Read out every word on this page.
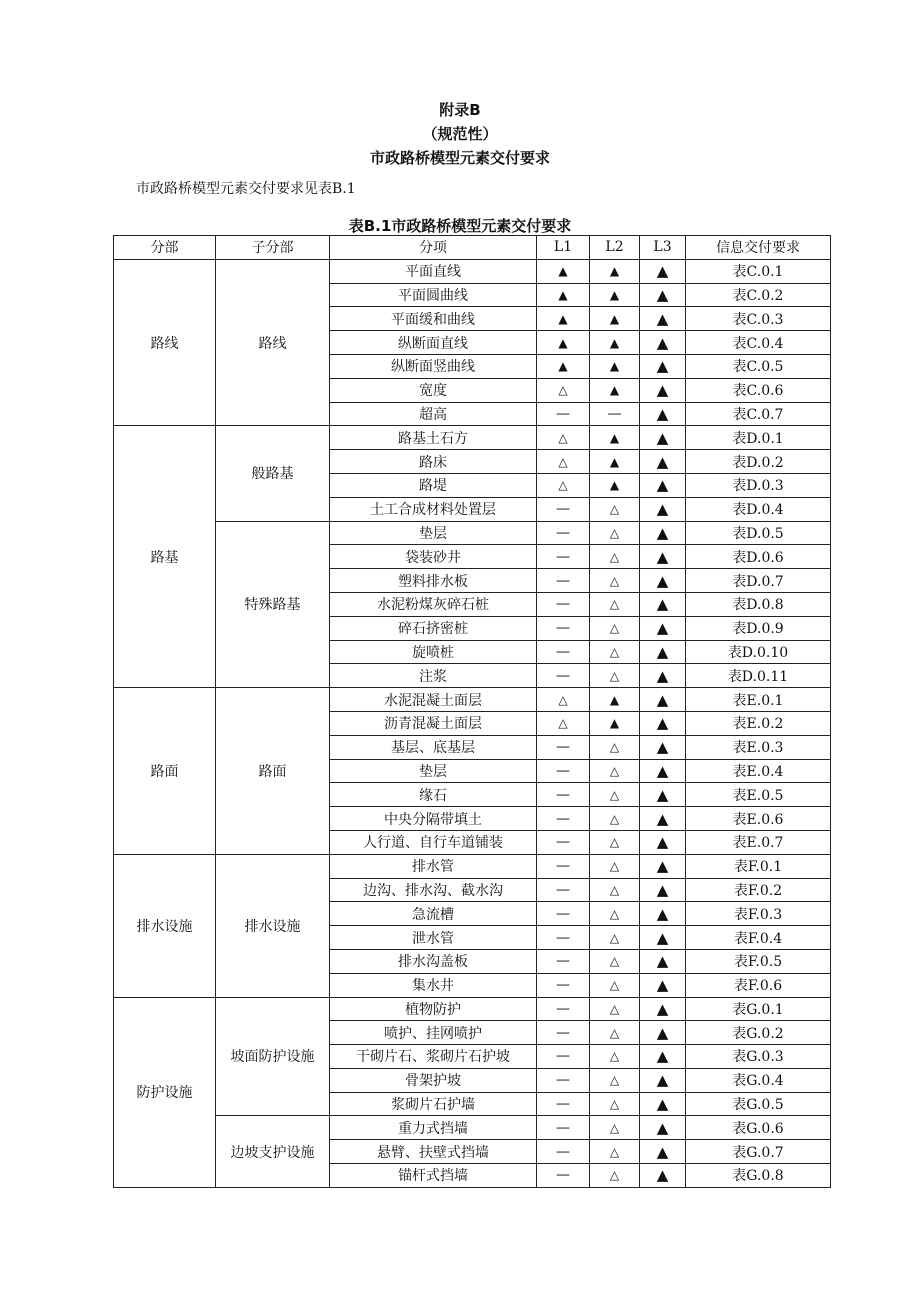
附录B
（规范性）
市政路桥模型元素交付要求
市政路桥模型元素交付要求见表B.1
表B.1市政路桥模型元素交付要求
分部	子分部	分项	L1	L2	L3	信息交付要求
路线	路线	平面直线	▲	▲	▲	表C.0.1
		平面圆曲线	▲	▲	▲	表C.0.2
		平面缓和曲线	▲	▲	▲	表C.0.3
		纵断面直线	▲	▲	▲	表C.0.4
		纵断面竖曲线	▲	▲	▲	表C.0.5
		宽度	△	▲	▲	表C.0.6
		超高	—	—	▲	表C.0.7
路基	般路基	路基土石方	△	▲	▲	表D.0.1
		路床	△	▲	▲	表D.0.2
		路堤	△	▲	▲	表D.0.3
		土工合成材料处置层	—	△	▲	表D.0.4
	特殊路基	垫层	—	△	▲	表D.0.5
		袋装砂井	—	△	▲	表D.0.6
		塑料排水板	—	△	▲	表D.0.7
		水泥粉煤灰碎石桩	—	△	▲	表D.0.8
		碎石挤密桩	—	△	▲	表D.0.9
		旋喷桩	—	△	▲	表D.0.10
		注浆	—	△	▲	表D.0.11
路面	路面	水泥混凝土面层	△	▲	▲	表E.0.1
		沥青混凝土面层	△	▲	▲	表E.0.2
		基层、底基层	—	△	▲	表E.0.3
		垫层	—	△	▲	表E.0.4
		缘石	—	△	▲	表E.0.5
		中央分隔带填土	—	△	▲	表E.0.6
		人行道、自行车道铺装	—	△	▲	表E.0.7
排水设施	排水设施	排水管	—	△	▲	表F.0.1
		边沟、排水沟、截水沟	—	△	▲	表F.0.2
		急流槽	—	△	▲	表F.0.3
		泄水管	—	△	▲	表F.0.4
		排水沟盖板	—	△	▲	表F.0.5
		集水井	—	△	▲	表F.0.6
防护设施	坡面防护设施	植物防护	—	△	▲	表G.0.1
		喷护、挂网喷护	—	△	▲	表G.0.2
		干砌片石、浆砌片石护坡	—	△	▲	表G.0.3
		骨架护坡	—	△	▲	表G.0.4
		浆砌片石护墙	—	△	▲	表G.0.5
	边坡支护设施	重力式挡墙	—	△	▲	表G.0.6
		悬臂、扶壁式挡墙	—	△	▲	表G.0.7
		锚杆式挡墙	—	△	▲	表G.0.8
